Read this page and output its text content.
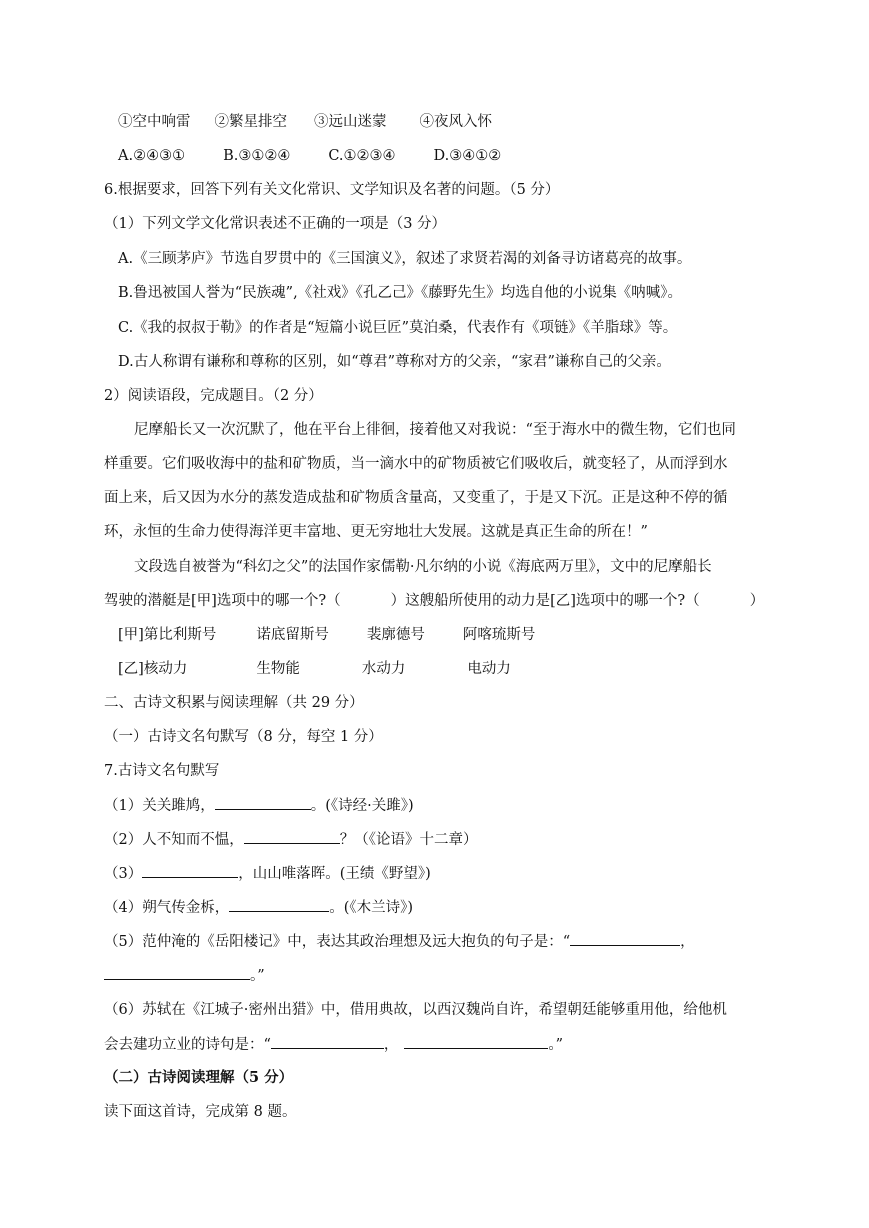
①空中响雷 ②繁星排空 ③远山迷蒙 ④夜风入怀
A.②④③①	B.③①②④	C.①②③④	D.③④①②
6.根据要求，回答下列有关文化常识、文学知识及名著的问题。（5 分）
（1）下列文学文化常识表述不正确的一项是（3 分）
A.《三顾茅庐》节选自罗贯中的《三国演义》，叙述了求贤若渴的刘备寻访诸葛亮的故事。
B.鲁迅被国人誉为“民族魂”,《社戏》《孔乙己》《藤野先生》均选自他的小说集《呐喊》。
C.《我的叔叔于勒》的作者是“短篇小说巨匠”莫泊桑，代表作有《项链》《羊脂球》等。
D.古人称谓有谦称和尊称的区别，如“尊君”尊称对方的父亲，“家君”谦称自己的父亲。
2）阅读语段，完成题目。（2 分）
尼摩船长又一次沉默了，他在平台上徘徊，接着他又对我说：“至于海水中的微生物，它们也同
样重要。它们吸收海中的盐和矿物质，当一滴水中的矿物质被它们吸收后，就变轻了，从而浮到水
面上来，后又因为水分的蒸发造成盐和矿物质含量高，又变重了，于是又下沉。正是这种不停的循
环，永恒的生命力使得海洋更丰富地、更无穷地壮大发展。这就是真正生命的所在！”
文段选自被誉为“科幻之父”的法国作家儒勒·凡尔纳的小说《海底两万里》，文中的尼摩船长
驾驶的潜艇是[甲]选项中的哪一个?（	）这艘船所使用的动力是[乙]选项中的哪一个?（	）
[甲]第比利斯号	诺底留斯号	裴廓德号	阿喀琉斯号
[乙]核动力	生物能	水动力	电动力
二、古诗文积累与阅读理解（共 29 分）
（一）古诗文名句默写（8 分，每空 1 分）
7.古诗文名句默写
（1）关关雎鸠，	。(《诗经·关雎》)
（2）人不知而不愠，	？（《论语》十二章）
（3）	，山山唯落晖。(王绩《野望》)
（4）朔气传金柝，	。(《木兰诗》)
（5）范仲淹的《岳阳楼记》中，表达其政治理想及远大抱负的句子是：“	，
。”
（6）苏轼在《江城子·密州出猎》中，借用典故，以西汉魏尚自许，希望朝廷能够重用他，给他机
会去建功立业的诗句是：“	，	。”
（二）古诗阅读理解（5 分）
读下面这首诗，完成第 8 题。
